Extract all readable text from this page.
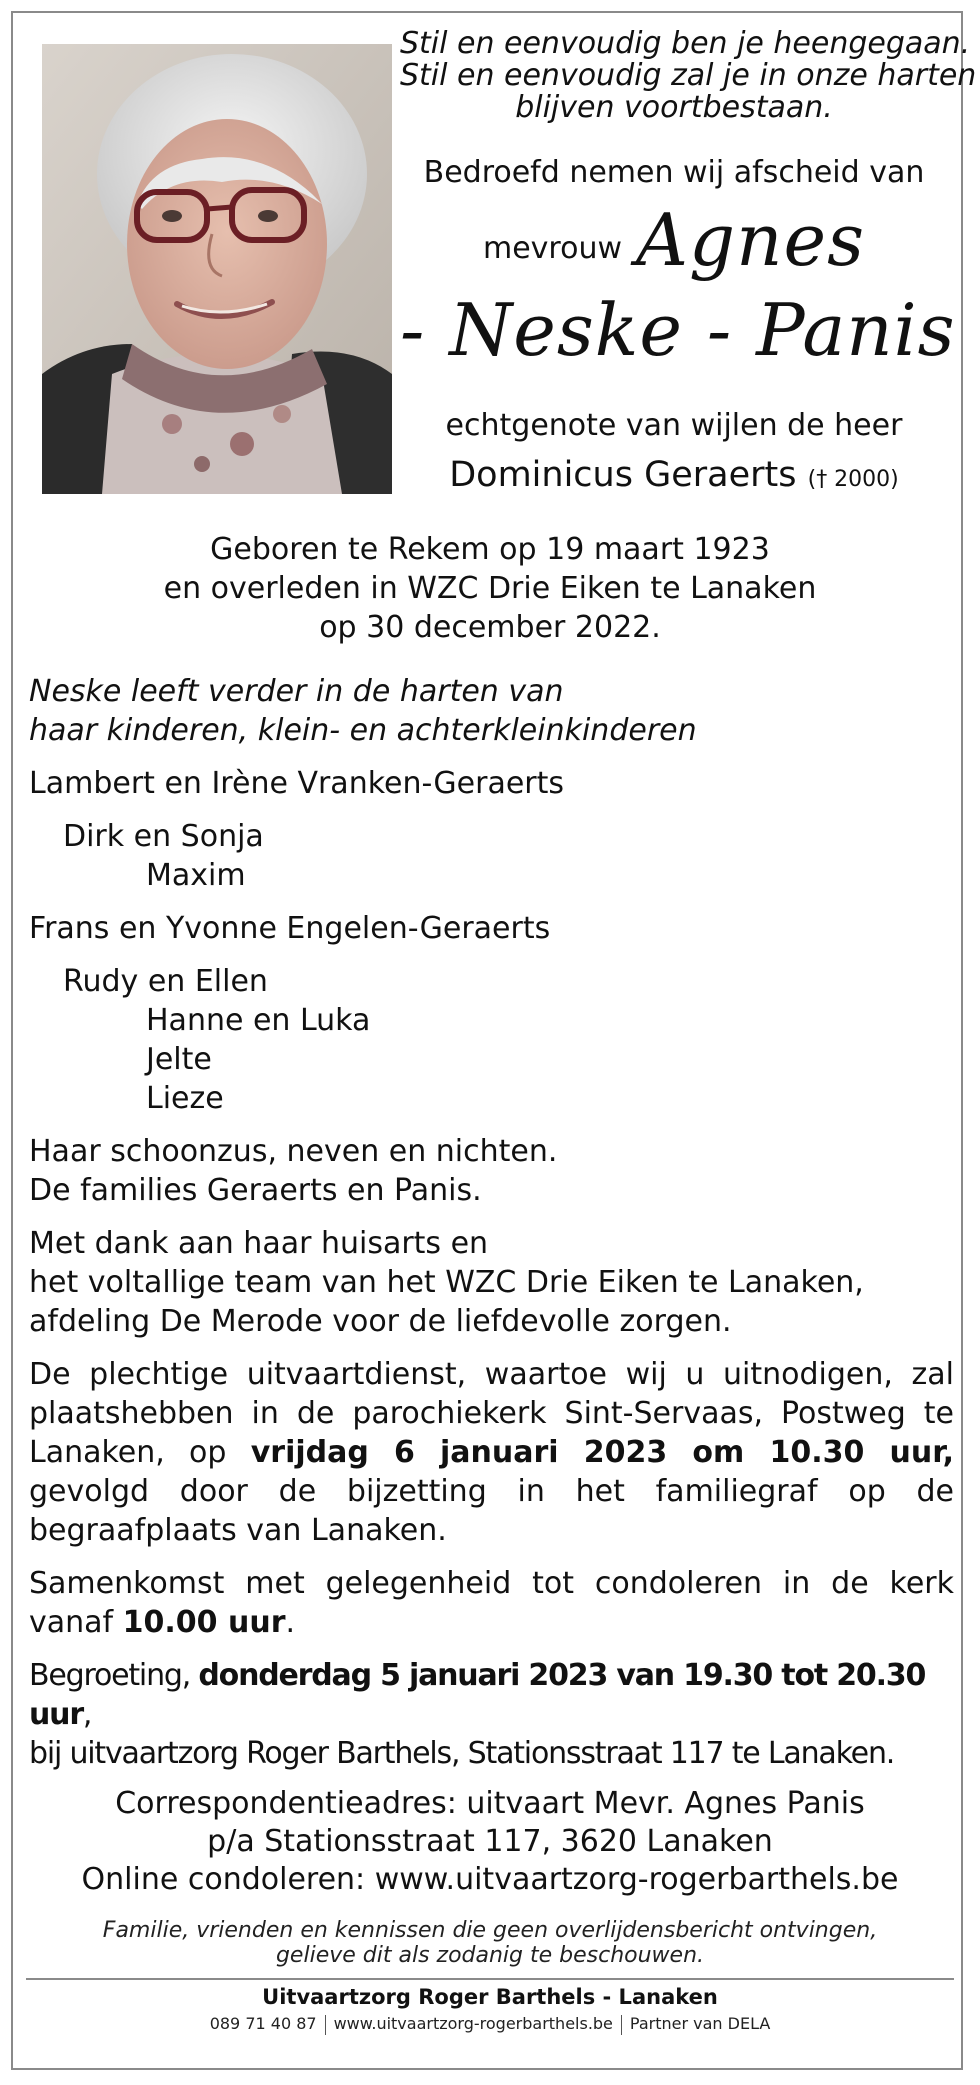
Stil en eenvoudig ben je heengegaan.
Stil en eenvoudig zal je in onze harten
blijven voortbestaan.
Bedroefd nemen wij afscheid van
mevrouw Agnes
- Neske - Panis
echtgenote van wijlen de heer
Dominicus Geraerts († 2000)
Geboren te Rekem op 19 maart 1923
en overleden in WZC Drie Eiken te Lanaken
op 30 december 2022.

Neske leeft verder in de harten van

haar kinderen, klein- en achterkleinkinderen

Lambert en Irène Vranken-Geraerts

Dirk en Sonja

Maxim

Frans en Yvonne Engelen-Geraerts

Rudy en Ellen

Hanne en Luka

Jelte

Lieze

Haar schoonzus, neven en nichten.

De families Geraerts en Panis.

Met dank aan haar huisarts en

het voltallige team van het WZC Drie Eiken te Lanaken,

afdeling De Merode voor de liefdevolle zorgen.

De plechtige uitvaartdienst, waartoe wij u uitnodigen, zal plaatshebben in de parochiekerk Sint-Servaas, Postweg te Lanaken, op vrijdag 6 januari 2023 om 10.30 uur, gevolgd door de bijzetting in het familiegraf op de begraafplaats van Lanaken.

Samenkomst met gelegenheid tot condoleren in de kerk vanaf 10.00 uur.

Begroeting, donderdag 5 januari 2023 van 19.30 tot 20.30 uur,

bij uitvaartzorg Roger Barthels, Stationsstraat 117 te Lanaken.

Correspondentieadres: uitvaart Mevr. Agnes Panis
p/a Stationsstraat 117, 3620 Lanaken
Online condoleren: www.uitvaartzorg-rogerbarthels.be
Familie, vrienden en kennissen die geen overlijdensbericht ontvingen,
gelieve dit als zodanig te beschouwen.
Uitvaartzorg Roger Barthels - Lanaken
089 71 40 87 www.uitvaartzorg-rogerbarthels.be Partner van DELA
